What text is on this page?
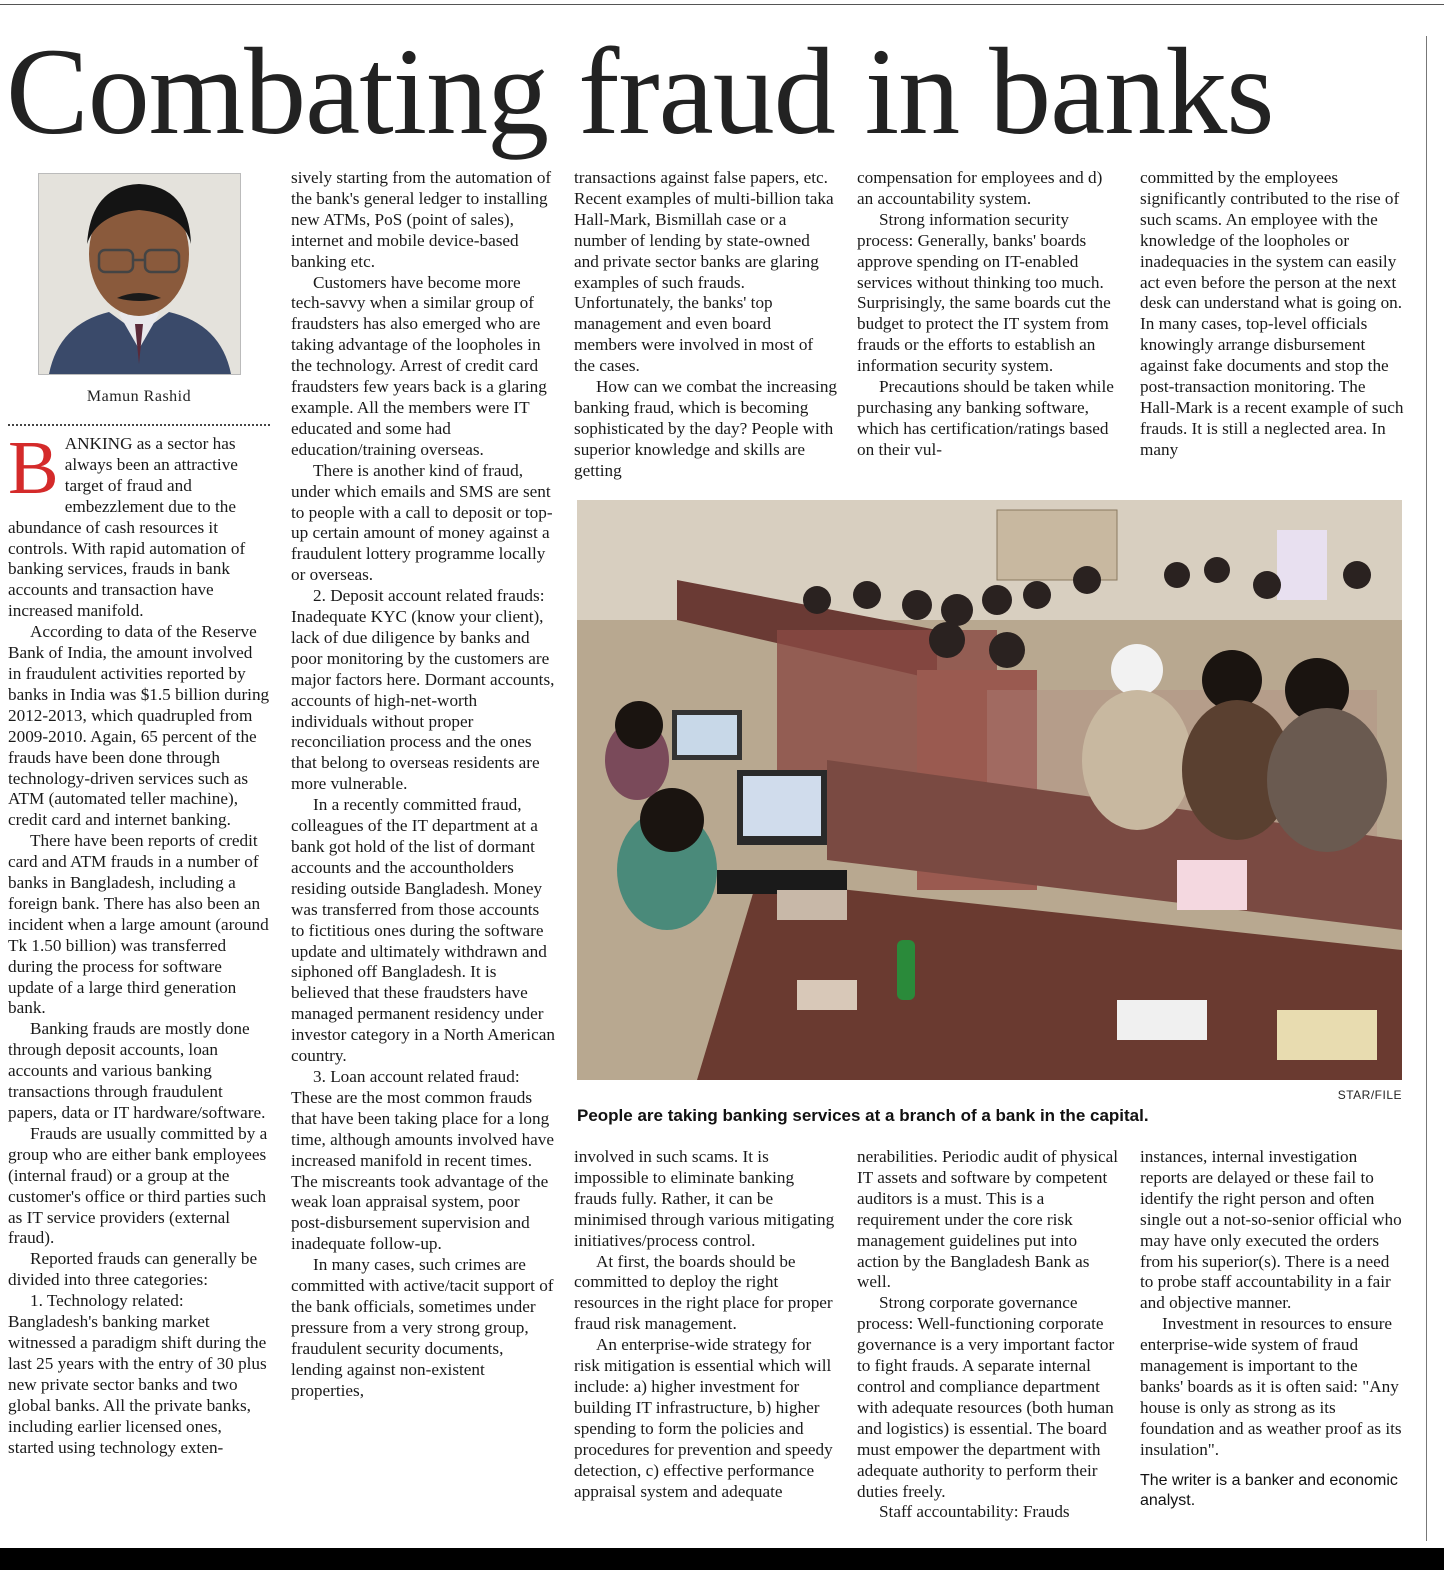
Combating fraud in banks
Mamun Rashid

BANKING as a sector has always been an attractive target of fraud and embezzlement due to the abundance of cash resources it controls. With rapid automation of banking services, frauds in bank accounts and transaction have increased manifold.

According to data of the Reserve Bank of India, the amount involved in fraudulent activities reported by banks in India was $1.5 billion during 2012-2013, which quadrupled from 2009-2010. Again, 65 percent of the frauds have been done through technology-driven services such as ATM (automated teller machine), credit card and internet banking.

There have been reports of credit card and ATM frauds in a number of banks in Bangladesh, including a foreign bank. There has also been an incident when a large amount (around Tk 1.50 billion) was transferred during the process for software update of a large third generation bank.

Banking frauds are mostly done through deposit accounts, loan accounts and various banking transactions through fraudulent papers, data or IT hardware/software.

Frauds are usually committed by a group who are either bank employees (internal fraud) or a group at the customer's office or third parties such as IT service providers (external fraud).

Reported frauds can generally be divided into three categories:

1. Technology related: Bangladesh's banking market witnessed a paradigm shift during the last 25 years with the entry of 30 plus new private sector banks and two global banks. All the private banks, including earlier licensed ones, started using technology exten-

sively starting from the automation of the bank's general ledger to installing new ATMs, PoS (point of sales), internet and mobile device-based banking etc.

Customers have become more tech-savvy when a similar group of fraudsters has also emerged who are taking advantage of the loopholes in the technology. Arrest of credit card fraudsters few years back is a glaring example. All the members were IT educated and some had education/training overseas.

There is another kind of fraud, under which emails and SMS are sent to people with a call to deposit or top-up certain amount of money against a fraudulent lottery programme locally or overseas.

2. Deposit account related frauds: Inadequate KYC (know your client), lack of due diligence by banks and poor monitoring by the customers are major factors here. Dormant accounts, accounts of high-net-worth individuals without proper reconciliation process and the ones that belong to overseas residents are more vulnerable.

In a recently committed fraud, colleagues of the IT department at a bank got hold of the list of dormant accounts and the accountholders residing outside Bangladesh. Money was transferred from those accounts to fictitious ones during the software update and ultimately withdrawn and siphoned off Bangladesh. It is believed that these fraudsters have managed permanent residency under investor category in a North American country.

3. Loan account related fraud: These are the most common frauds that have been taking place for a long time, although amounts involved have increased manifold in recent times. The miscreants took advantage of the weak loan appraisal system, poor post-disbursement supervision and inadequate follow-up.

In many cases, such crimes are committed with active/tacit support of the bank officials, sometimes under pressure from a very strong group, fraudulent security documents, lending against non-existent properties,

transactions against false papers, etc. Recent examples of multi-billion taka Hall-Mark, Bismillah case or a number of lending by state-owned and private sector banks are glaring examples of such frauds. Unfortunately, the banks' top management and even board members were involved in most of the cases.

How can we combat the increasing banking fraud, which is becoming sophisticated by the day? People with superior knowledge and skills are getting

compensation for employees and d) an accountability system.

Strong information security process: Generally, banks' boards approve spending on IT-enabled services without thinking too much. Surprisingly, the same boards cut the budget to protect the IT system from frauds or the efforts to establish an information security system.

Precautions should be taken while purchasing any banking software, which has certification/ratings based on their vul-

committed by the employees significantly contributed to the rise of such scams. An employee with the knowledge of the loopholes or inadequacies in the system can easily act even before the person at the next desk can understand what is going on. In many cases, top-level officials knowingly arrange disbursement against fake documents and stop the post-transaction monitoring. The Hall-Mark is a recent example of such frauds. It is still a neglected area. In many

STAR/FILE
People are taking banking services at a branch of a bank in the capital.

involved in such scams. It is impossible to eliminate banking frauds fully. Rather, it can be minimised through various mitigating initiatives/process control.

At first, the boards should be committed to deploy the right resources in the right place for proper fraud risk management.

An enterprise-wide strategy for risk mitigation is essential which will include: a) higher investment for building IT infrastructure, b) higher spending to form the policies and procedures for prevention and speedy detection, c) effective performance appraisal system and adequate

nerabilities. Periodic audit of physical IT assets and software by competent auditors is a must. This is a requirement under the core risk management guidelines put into action by the Bangladesh Bank as well.

Strong corporate governance process: Well-functioning corporate governance is a very important factor to fight frauds. A separate internal control and compliance department with adequate resources (both human and logistics) is essential. The board must empower the department with adequate authority to perform their duties freely.

Staff accountability: Frauds

instances, internal investigation reports are delayed or these fail to identify the right person and often single out a not-so-senior official who may have only executed the orders from his superior(s). There is a need to probe staff accountability in a fair and objective manner.

Investment in resources to ensure enterprise-wide system of fraud management is important to the banks' boards as it is often said: "Any house is only as strong as its foundation and as weather proof as its insulation".

The writer is a banker and economic analyst.
